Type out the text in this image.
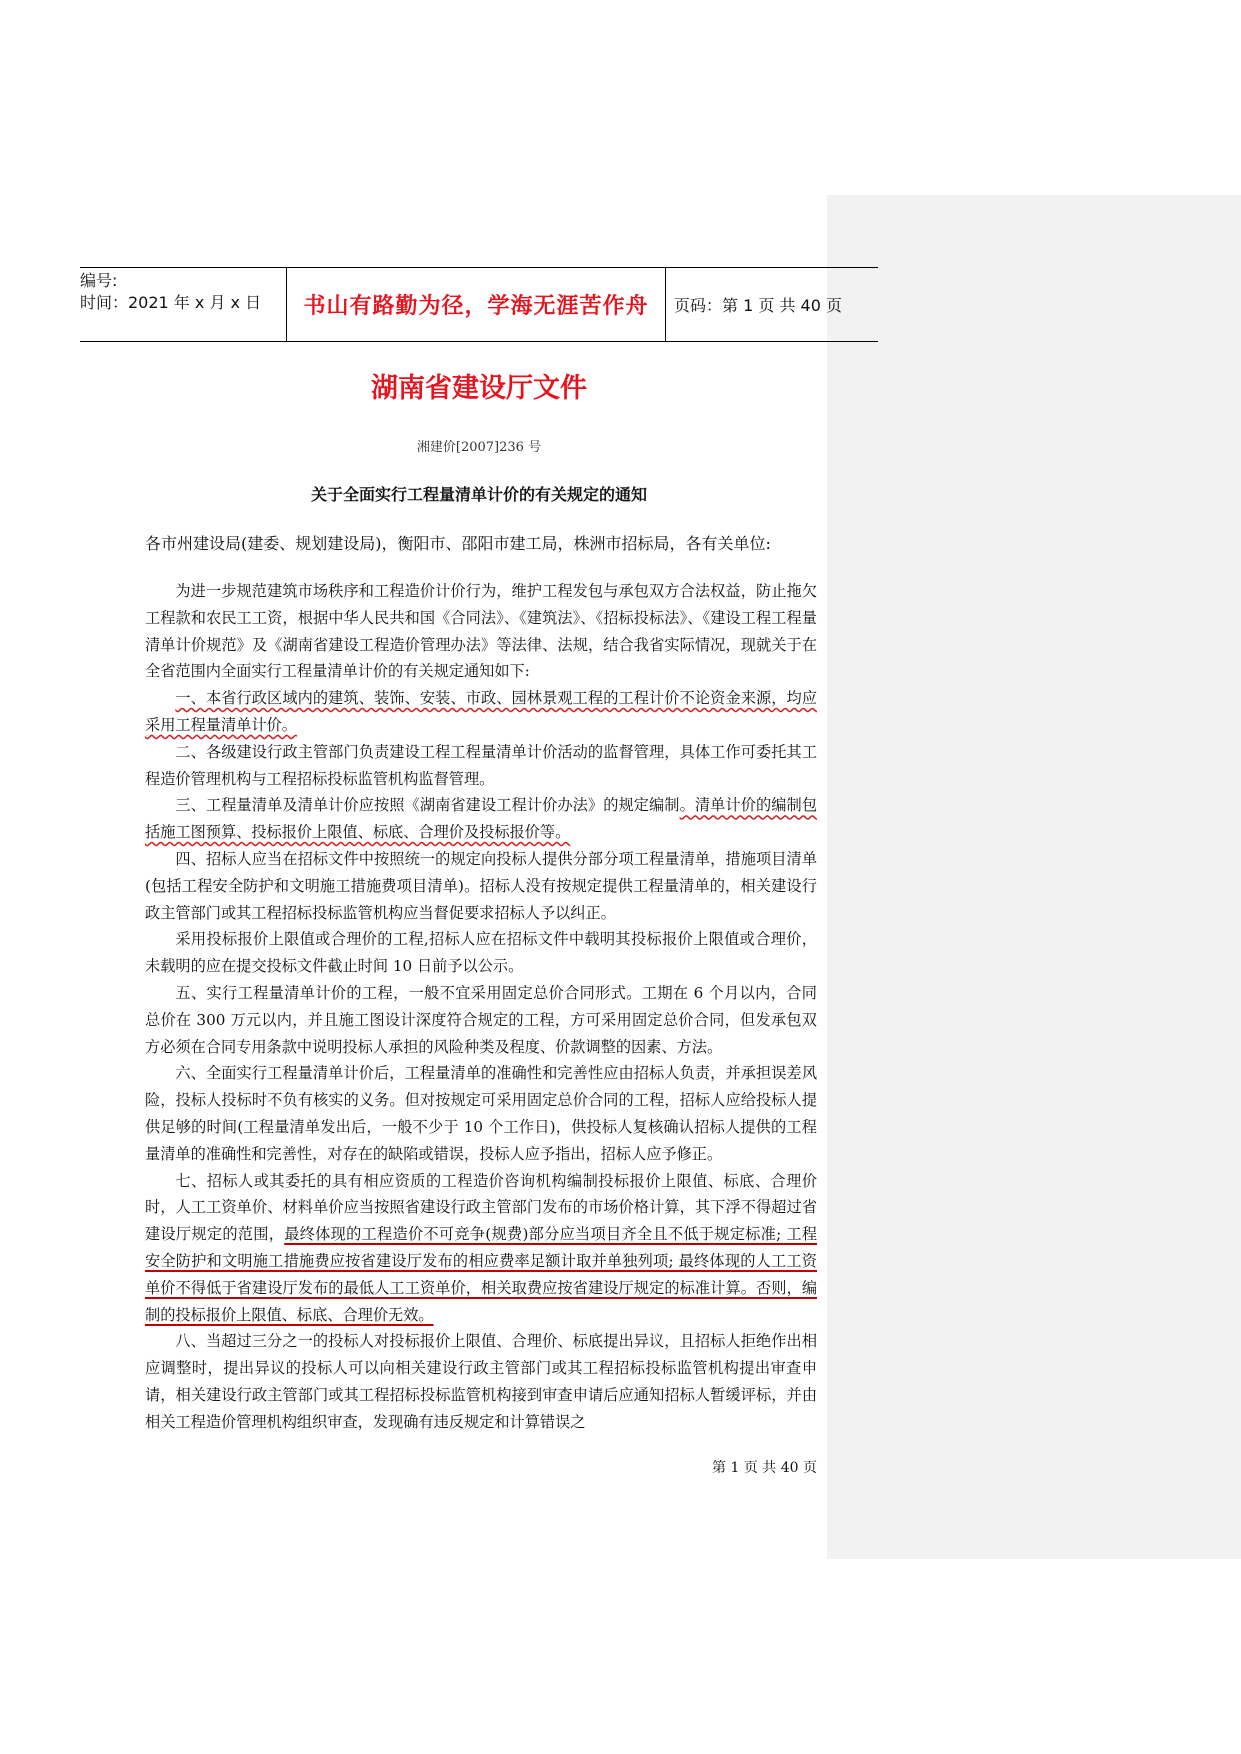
编号:
时间：2021 年 x 月 x 日	书山有路勤为径，学海无涯苦作舟	页码：第 1 页 共 40 页
湖南省建设厅文件
湘建价[2007]236 号
关于全面实行工程量清单计价的有关规定的通知
各市州建设局(建委、规划建设局)，衡阳市、邵阳市建工局，株洲市招标局，各有关单位:

为进一步规范建筑市场秩序和工程造价计价行为，维护工程发包与承包双方合法权益，防止拖欠工程款和农民工工资，根据中华人民共和国《合同法》、《建筑法》、《招标投标法》、《建设工程工程量清单计价规范》及《湖南省建设工程造价管理办法》等法律、法规，结合我省实际情况，现就关于在全省范围内全面实行工程量清单计价的有关规定通知如下:

一、本省行政区域内的建筑、装饰、安装、市政、园林景观工程的工程计价不论资金来源，均应采用工程量清单计价。

二、各级建设行政主管部门负责建设工程工程量清单计价活动的监督管理，具体工作可委托其工程造价管理机构与工程招标投标监管机构监督管理。

三、工程量清单及清单计价应按照《湖南省建设工程计价办法》的规定编制。清单计价的编制包括施工图预算、投标报价上限值、标底、合理价及投标报价等。

四、招标人应当在招标文件中按照统一的规定向投标人提供分部分项工程量清单，措施项目清单(包括工程安全防护和文明施工措施费项目清单)。招标人没有按规定提供工程量清单的，相关建设行政主管部门或其工程招标投标监管机构应当督促要求招标人予以纠正。

采用投标报价上限值或合理价的工程,招标人应在招标文件中载明其投标报价上限值或合理价，未载明的应在提交投标文件截止时间 10 日前予以公示。

五、实行工程量清单计价的工程，一般不宜采用固定总价合同形式。工期在 6 个月以内，合同总价在 300 万元以内，并且施工图设计深度符合规定的工程，方可采用固定总价合同，但发承包双方必须在合同专用条款中说明投标人承担的风险种类及程度、价款调整的因素、方法。

六、全面实行工程量清单计价后，工程量清单的准确性和完善性应由招标人负责，并承担误差风险，投标人投标时不负有核实的义务。但对按规定可采用固定总价合同的工程，招标人应给投标人提供足够的时间(工程量清单发出后，一般不少于 10 个工作日)，供投标人复核确认招标人提供的工程量清单的准确性和完善性，对存在的缺陷或错误，投标人应予指出，招标人应予修正。

七、招标人或其委托的具有相应资质的工程造价咨询机构编制投标报价上限值、标底、合理价时，人工工资单价、材料单价应当按照省建设行政主管部门发布的市场价格计算，其下浮不得超过省建设厅规定的范围，最终体现的工程造价不可竞争(规费)部分应当项目齐全且不低于规定标准; 工程安全防护和文明施工措施费应按省建设厅发布的相应费率足额计取并单独列项; 最终体现的人工工资单价不得低于省建设厅发布的最低人工工资单价，相关取费应按省建设厅规定的标准计算。否则，编制的投标报价上限值、标底、合理价无效。

八、当超过三分之一的投标人对投标报价上限值、合理价、标底提出异议，且招标人拒绝作出相应调整时，提出异议的投标人可以向相关建设行政主管部门或其工程招标投标监管机构提出审查申请，相关建设行政主管部门或其工程招标投标监管机构接到审查申请后应通知招标人暂缓评标，并由相关工程造价管理机构组织审查，发现确有违反规定和计算错误之

第 1 页 共 40 页
